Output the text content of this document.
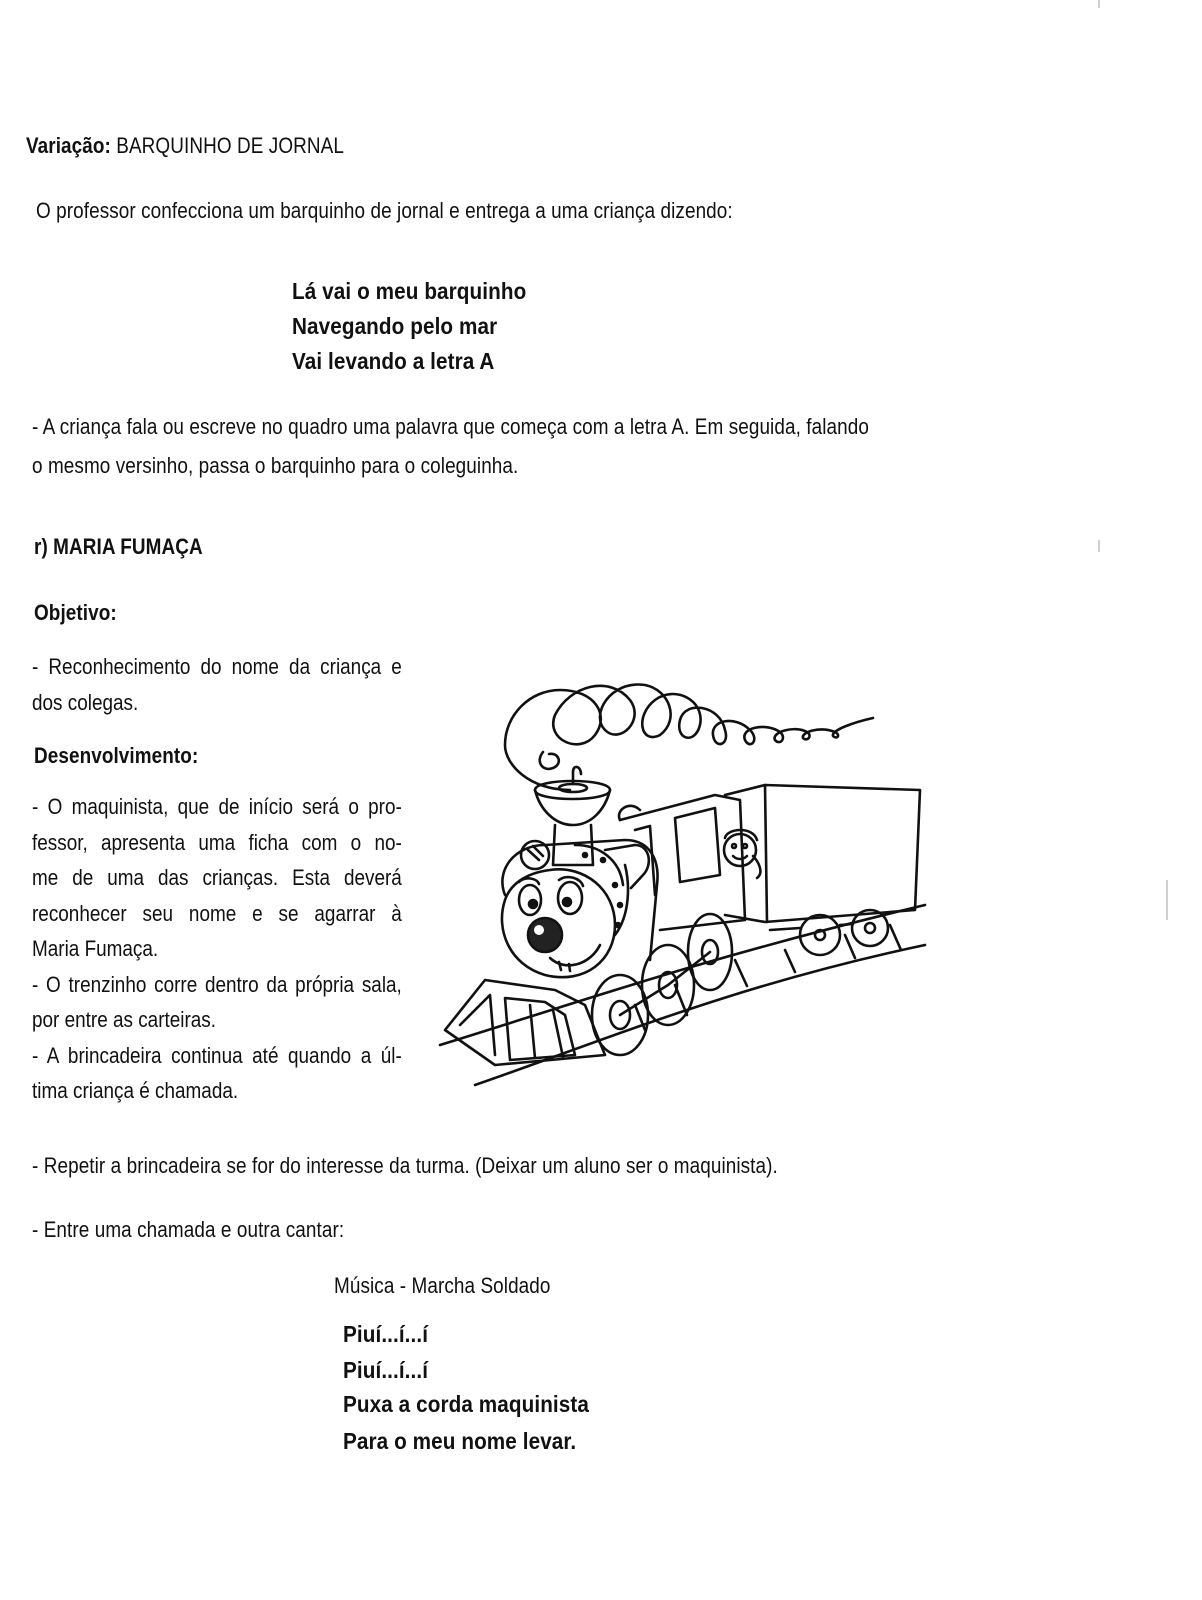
Variação: BARQUINHO DE JORNAL
O professor confecciona um barquinho de jornal e entrega a uma criança dizendo:
Lá vai o meu barquinho
Navegando pelo mar
Vai levando a letra A
- A criança fala ou escreve no quadro uma palavra que começa com a letra A. Em seguida, falando
o mesmo versinho, passa o barquinho para o coleguinha.
r) MARIA FUMAÇA
Objetivo:
- Reconhecimento do nome da criança e
dos colegas.
Desenvolvimento:
- O maquinista, que de início será o pro-
fessor, apresenta uma ficha com o no-
me de uma das crianças. Esta deverá
reconhecer seu nome e se agarrar à
Maria Fumaça.
- O trenzinho corre dentro da própria sala,
por entre as carteiras.
- A brincadeira continua até quando a úl-
tima criança é chamada.
- Repetir a brincadeira se for do interesse da turma. (Deixar um aluno ser o maquinista).
- Entre uma chamada e outra cantar:
Música - Marcha Soldado
Piuí...í...í
Piuí...í...í
Puxa a corda maquinista
Para o meu nome levar.
